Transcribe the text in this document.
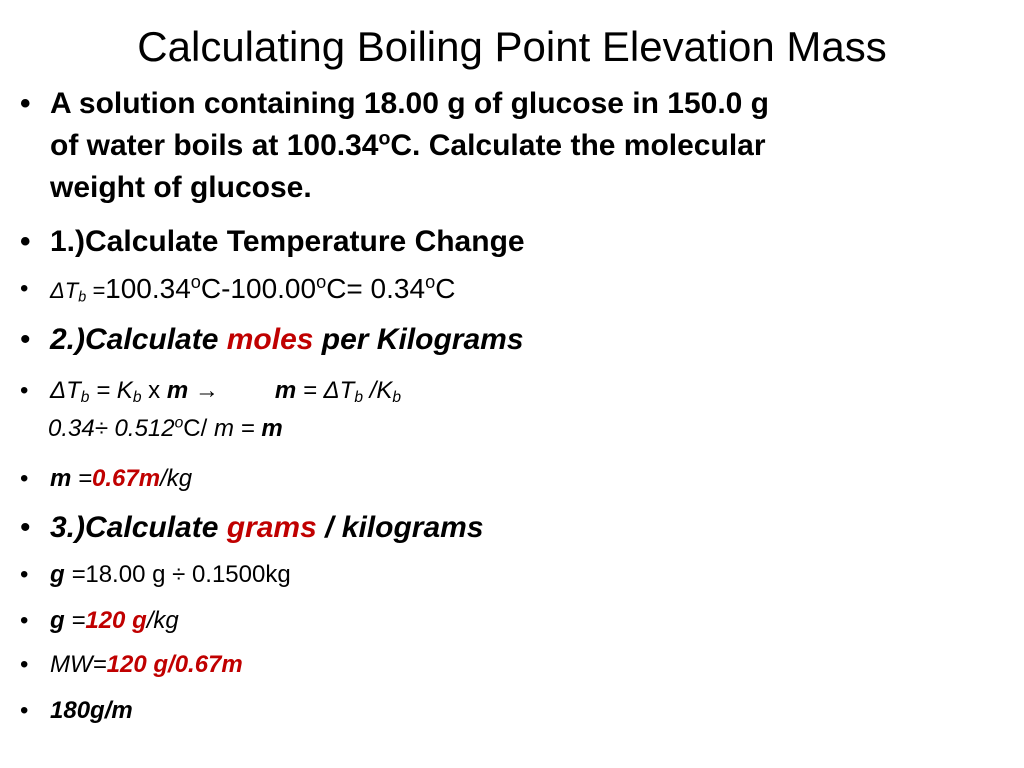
Calculating Boiling Point Elevation Mass
• A solution containing 18.00 g of glucose in 150.0 g
of water boils at 100.34$^o$C. Calculate the molecular
weight of glucose.
• 1.)Calculate Temperature Change
• $\Delta T_b =100.34^oC-100.00^oC= 0.34^oC$
• 2.)Calculate moles per Kilograms
• $\Delta T_b = K_b$ x $m \to m = \Delta T_b$ $/K_b$
$0.34\div 0.512^oC/$ m = m
• m =0.67m/kg
• 3.)Calculate grams / kilograms
• g =18.00 g ÷ 0.1500kg
• g =120 g/kg
• MW=120 g/0.67m
• 180g/m
